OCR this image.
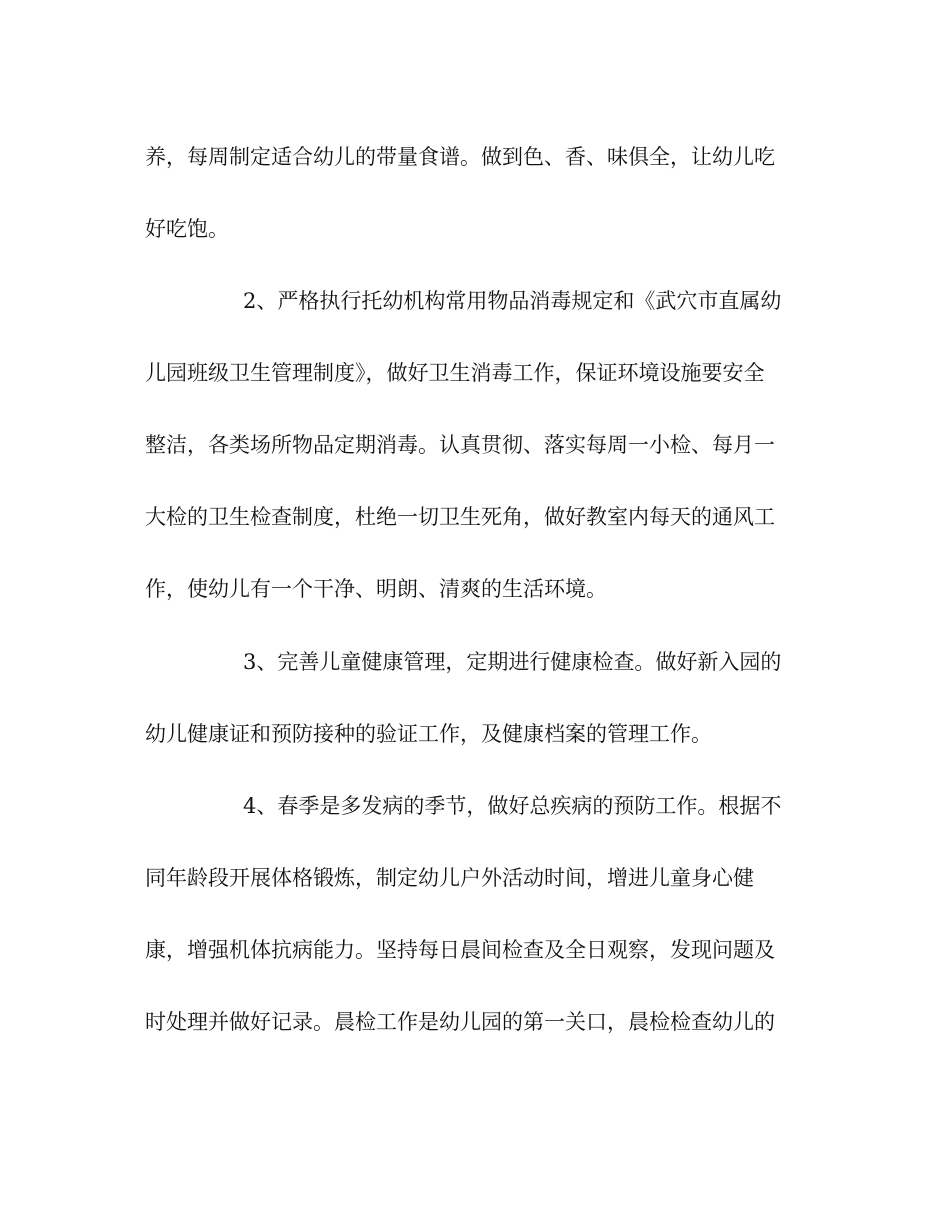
养，每周制定适合幼儿的带量食谱。做到色、香、味俱全，让幼儿吃
好吃饱。
2、严格执行托幼机构常用物品消毒规定和《武穴市直属幼
儿园班级卫生管理制度》，做好卫生消毒工作，保证环境设施要安全
整洁，各类场所物品定期消毒。认真贯彻、落实每周一小检、每月一
大检的卫生检查制度，杜绝一切卫生死角，做好教室内每天的通风工
作，使幼儿有一个干净、明朗、清爽的生活环境。
3、完善儿童健康管理，定期进行健康检查。做好新入园的
幼儿健康证和预防接种的验证工作，及健康档案的管理工作。
4、春季是多发病的季节，做好总疾病的预防工作。根据不
同年龄段开展体格锻炼，制定幼儿户外活动时间，增进儿童身心健
康，增强机体抗病能力。坚持每日晨间检查及全日观察，发现问题及
时处理并做好记录。晨检工作是幼儿园的第一关口，晨检检查幼儿的
